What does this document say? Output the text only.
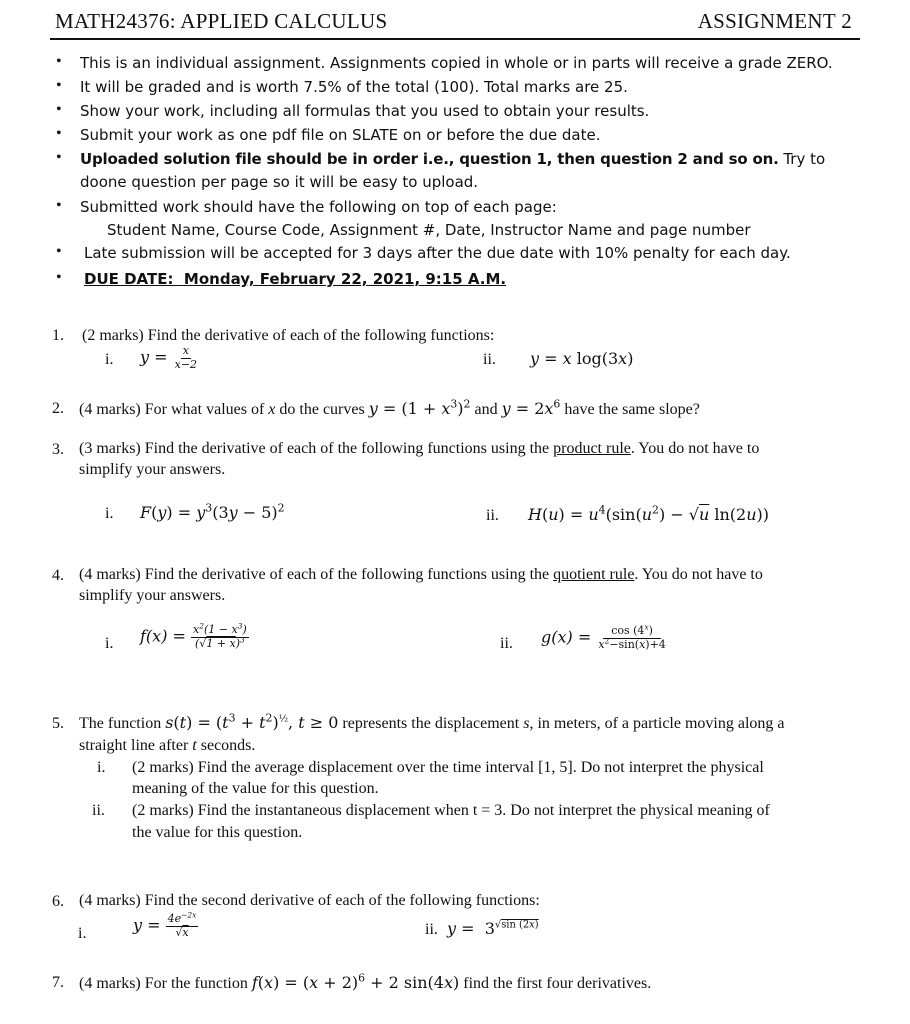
MATH24376: APPLIED CALCULUS	ASSIGNMENT 2
• This is an individual assignment. Assignments copied in whole or in parts will receive a grade ZERO.
• It will be graded and is worth 7.5% of the total (100). Total marks are 25.
• Show your work, including all formulas that you used to obtain your results.
• Submit your work as one pdf file on SLATE on or before the due date.
• Uploaded solution file should be in order i.e., question 1, then question 2 and so on. Try to
doone question per page so it will be easy to upload.
• Submitted work should have the following on top of each page:
Student Name, Course Code, Assignment #, Date, Instructor Name and page number
• Late submission will be accepted for 3 days after the due date with 10% penalty for each day.
• DUE DATE:  Monday, February 22, 2021, 9:15 A.M.
1. (2 marks) Find the derivative of each of the following functions:
i. $y = \frac{x}{x-2}$	ii. y = x log(3x)
2. (4 marks) For what values of x do the curves $y = (1 + x^3)^2$ and $y = 2x^6$ have the same slope?
3. (3 marks) Find the derivative of each of the following functions using the product rule. You do not have to
simplify your answers.
i. $F(y) = y^3(3y - 5)^2$	ii. $H(u) = u^4(\sin(u^2) - √u$ ln(2u))
4. (4 marks) Find the derivative of each of the following functions using the quotient rule. You do not have to
simplify your answers.
i. $f(x) = \frac{x^2(1 - x^3)}{(√1 + x)^3}$	ii. $g(x) = \frac{\cos (4^x)}{x^2-\sin(x)+4}$
5. The function $s(t) = (t^3 + t^2)^{\frac{1}{2}}$, t ≥ 0 represents the displacement s, in meters, of a particle moving along a
straight line after t seconds.
i. (2 marks) Find the average displacement over the time interval [1, 5]. Do not interpret the physical
meaning of the value for this question.
ii. (2 marks) Find the instantaneous displacement when t = 3. Do not interpret the physical meaning of
the value for this question.
6. (4 marks) Find the second derivative of each of the following functions:
i.	$y = \frac{4e^{-2x}}{√x}$	ii. $y = 3^{√sin (2x)}$
7. (4 marks) For the function $f(x) = (x + 2)^6 + 2$ sin(4x) find the first four derivatives.
